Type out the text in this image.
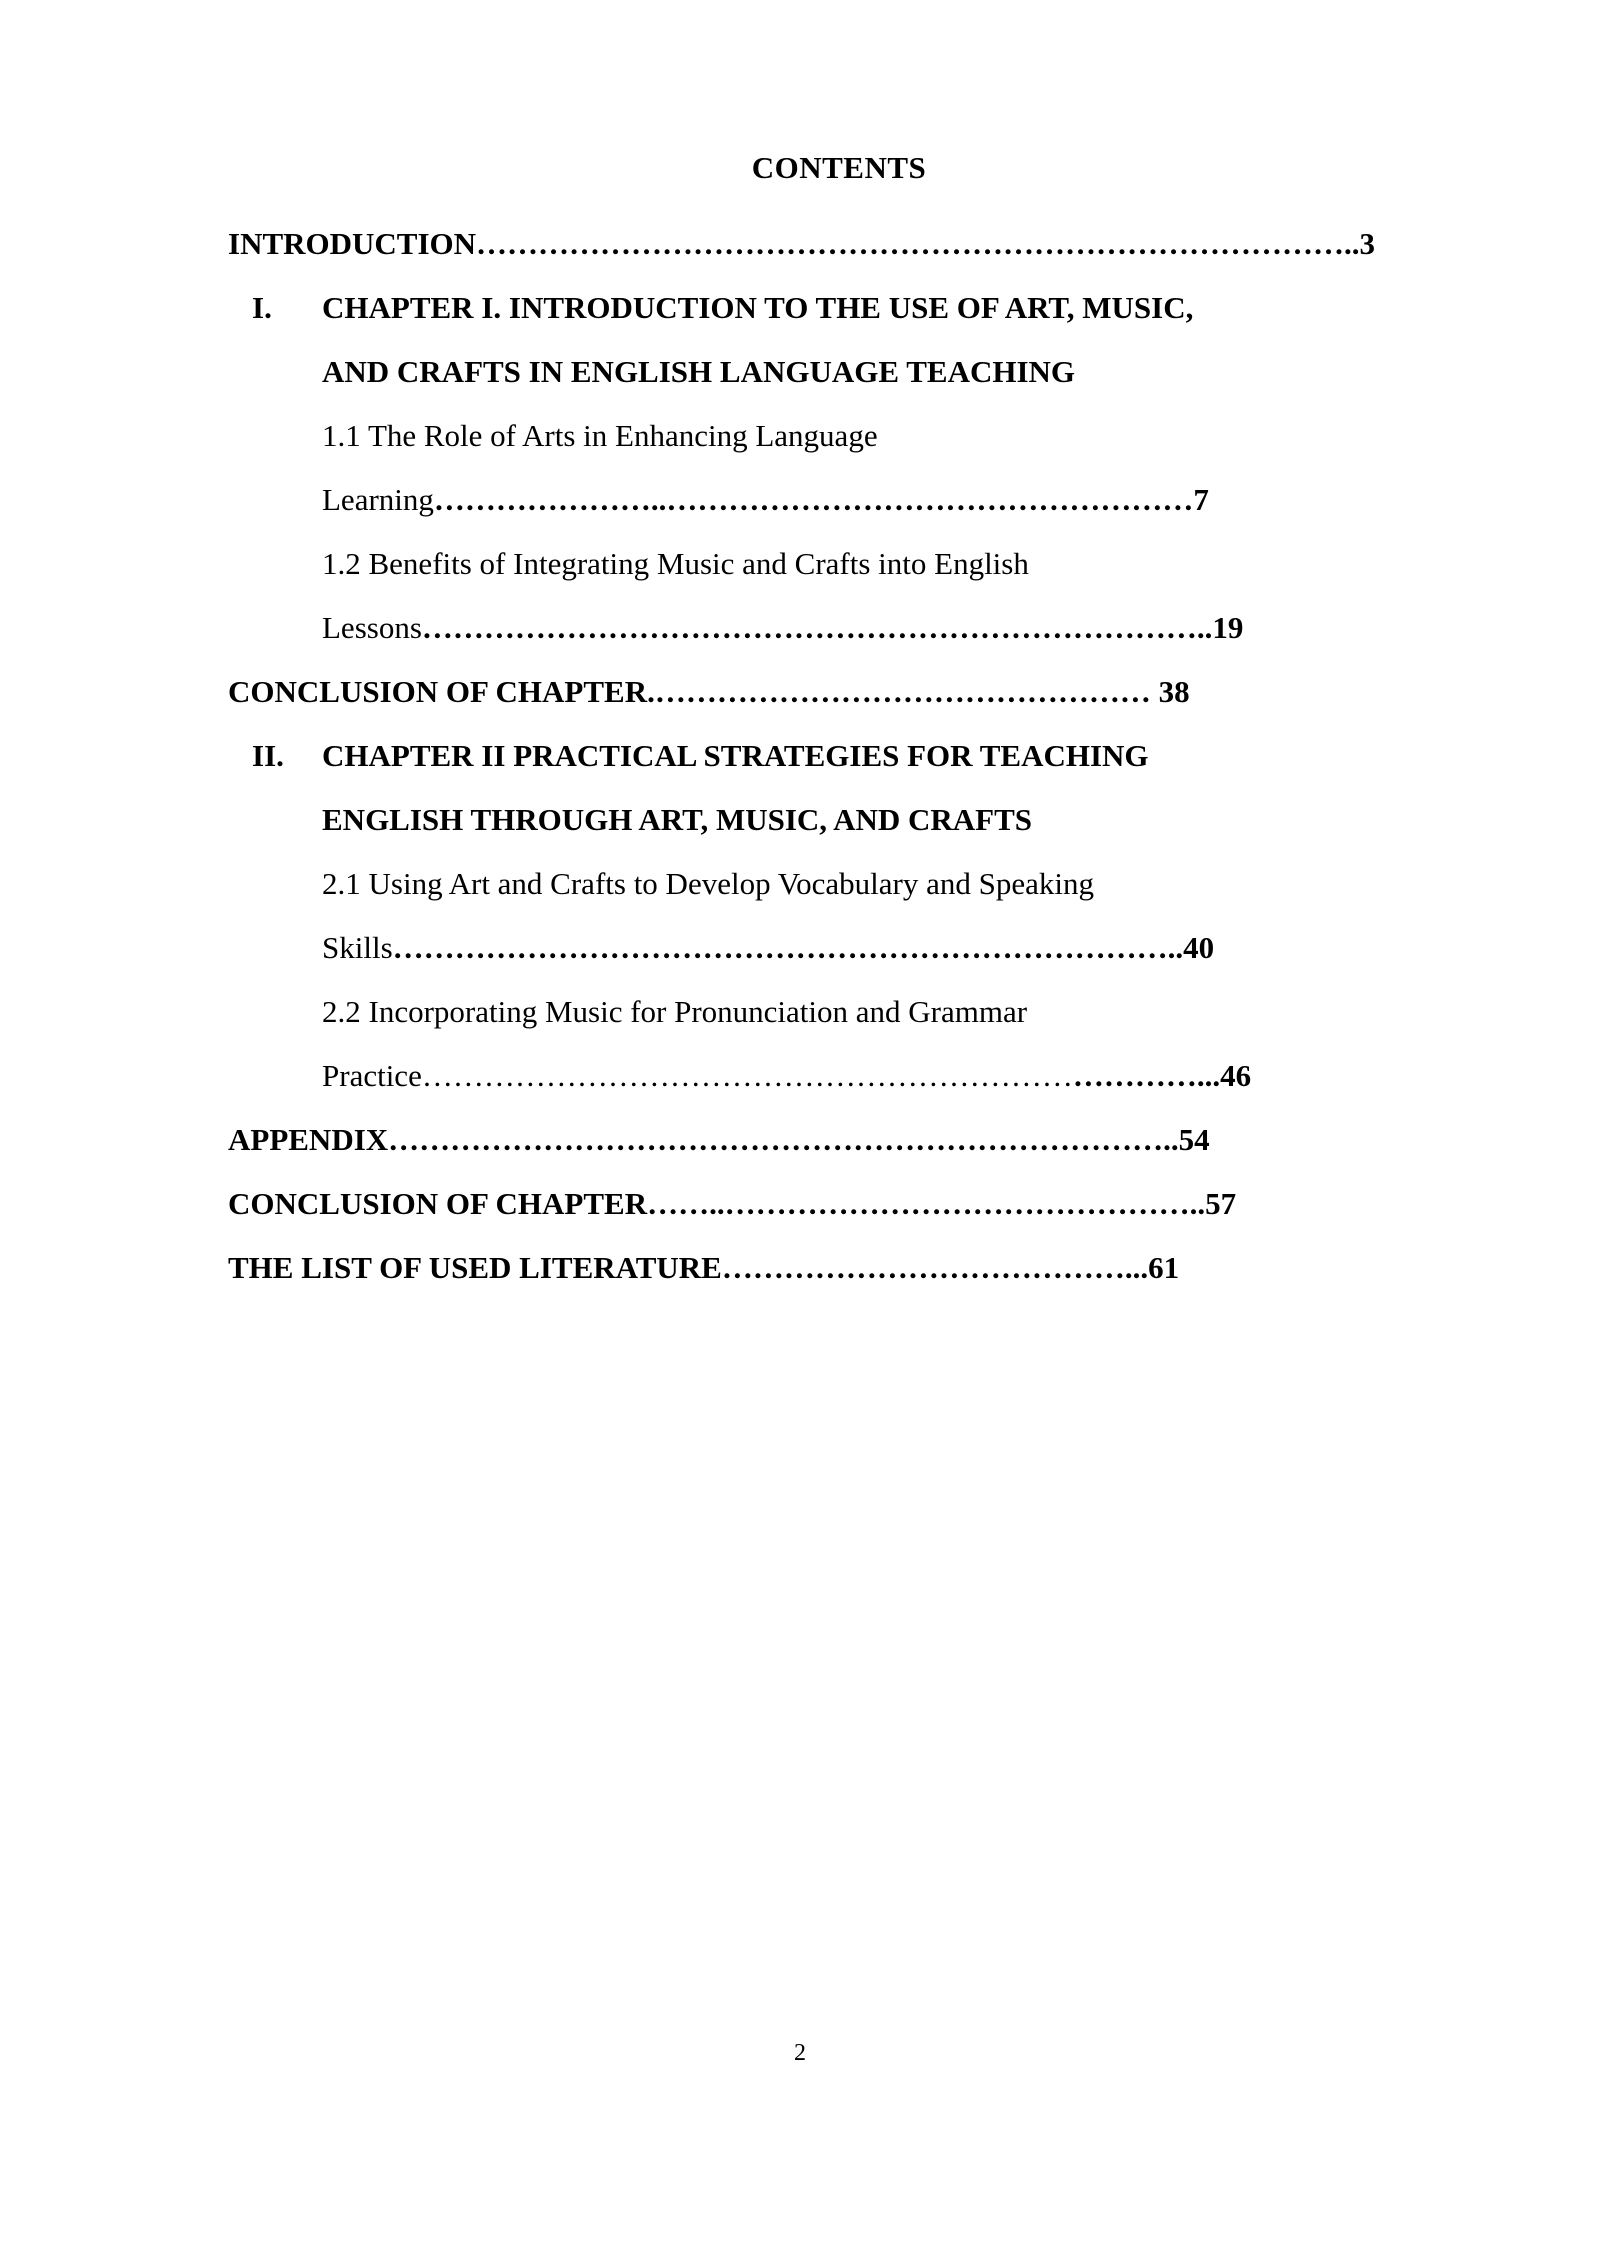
CONTENTS
INTRODUCTION…………………………………………………………………………..3
I.	CHAPTER I. INTRODUCTION TO THE USE OF ART, MUSIC,
AND CRAFTS IN ENGLISH LANGUAGE TEACHING
1.1 The Role of Arts in Enhancing Language
Learning…………………..……………………………………………7
1.2 Benefits of Integrating Music and Crafts into English
Lessons…………………………………………………………………..19
CONCLUSION OF CHAPTER.………………………………………… 38
II.	CHAPTER II PRACTICAL STRATEGIES FOR TEACHING
ENGLISH THROUGH ART, MUSIC, AND CRAFTS
2.1 Using Art and Crafts to Develop Vocabulary and Speaking
Skills…………………………………………………………………..40
2.2 Incorporating Music for Pronunciation and Grammar
Practice…………………………………………………………………...46
APPENDIX…………………………………………………………………..54
CONCLUSION OF CHAPTER……..………………………………………..57
THE LIST OF USED LITERATURE…………………………………...61
2
